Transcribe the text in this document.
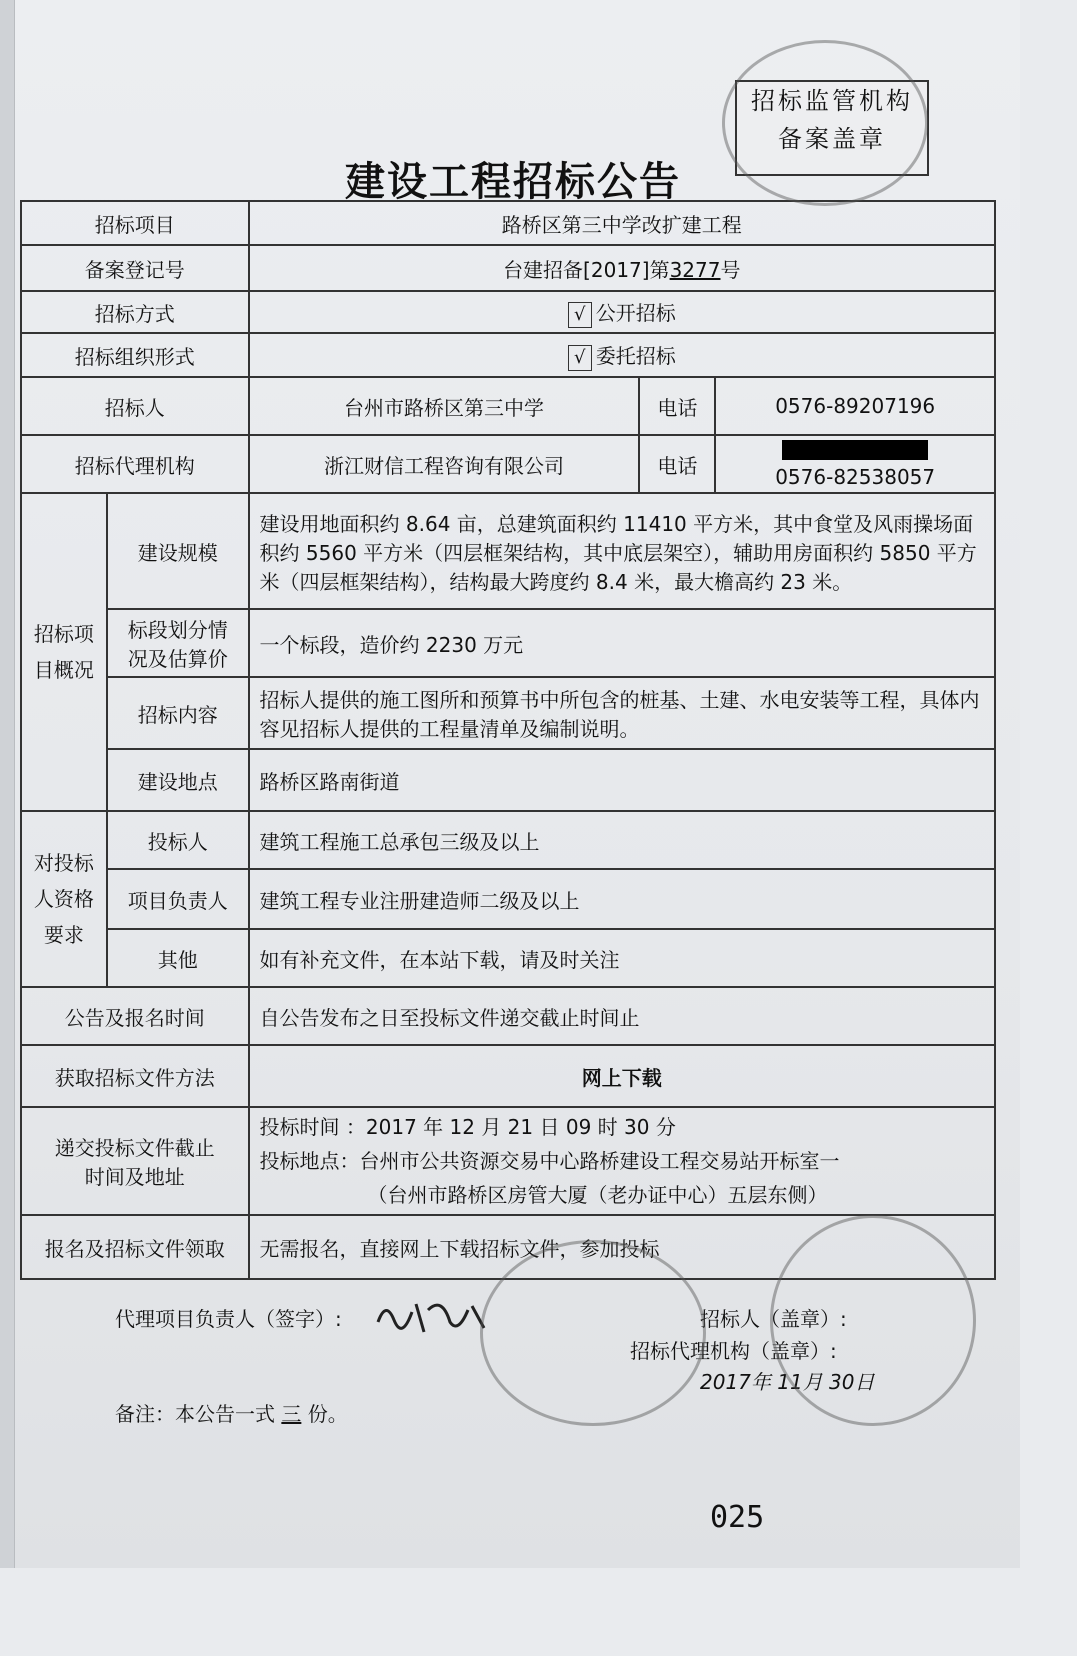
招标监管机构
备案盖章
建设工程招标公告
招标项目		路桥区第三中学改扩建工程		
备案登记号		台建招备[2017]第3277号		
招标方式		√ 公开招标		
招标组织形式		√ 委托招标		
招标人		台州市路桥区第三中学	电话	0576-89207196
招标代理机构		浙江财信工程咨询有限公司	电话	0576-82538057
招标项目概况	建设规模	建设用地面积约 8.64 亩，总建筑面积约 11410 平方米，其中食堂及风雨操场面积约 5560 平方米（四层框架结构，其中底层架空），辅助用房面积约 5850 平方米（四层框架结构），结构最大跨度约 8.4 米，最大檐高约 23 米。		
	标段划分情况及估算价	一个标段，造价约 2230 万元		
	招标内容	招标人提供的施工图所和预算书中所包含的桩基、土建、水电安装等工程，具体内容见招标人提供的工程量清单及编制说明。		
	建设地点	路桥区路南街道		
对投标人资格要求	投标人	建筑工程施工总承包三级及以上		
	项目负责人	建筑工程专业注册建造师二级及以上		
	其他	如有补充文件，在本站下载，请及时关注		
公告及报名时间		自公告发布之日至投标文件递交截止时间止		
获取招标文件方法		网上下载		
递交投标文件截止时间及地址		投标时间 ：2017 年 12 月 21 日 09 时 30 分
投标地点：台州市公共资源交易中心路桥建设工程交易站开标室一
（台州市路桥区房管大厦（老办证中心）五层东侧）		

报名及招标文件领取		无需报名，直接网上下载招标文件，参加投标		
代理项目负责人（签字）:	招标人（盖章）:
招标代理机构（盖章）:
2017年 11月 30日
备注：本公告一式 三 份。
025
